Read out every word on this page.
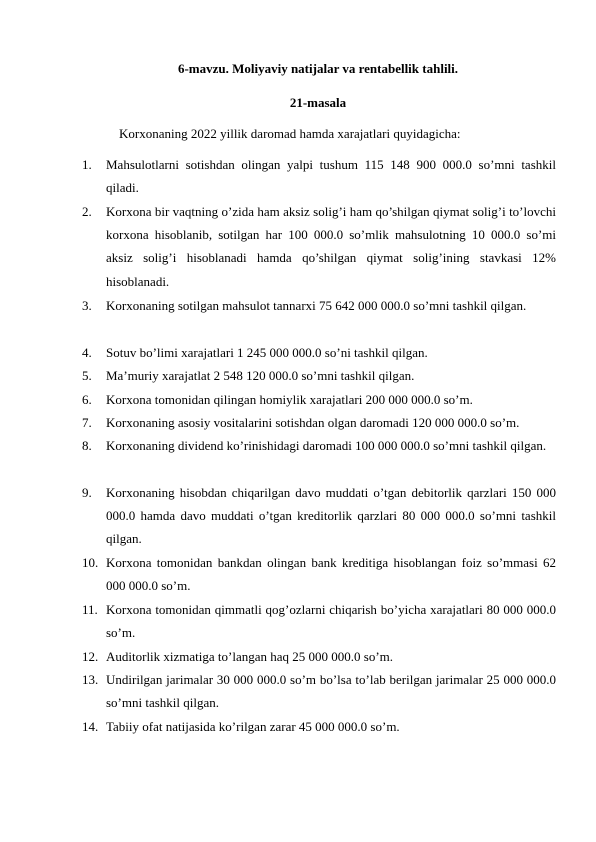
6-mavzu. Moliyaviy natijalar va rentabellik tahlili.
21-masala
Korxonaning 2022 yillik daromad hamda xarajatlari quyidagicha:
1. Mahsulotlarni sotishdan olingan yalpi tushum 115 148 900 000.0 so’mni tashkil qiladi.
2. Korxona bir vaqtning o’zida ham aksiz solig’i ham qo’shilgan qiymat solig’i to’lovchi korxona hisoblanib, sotilgan har 100 000.0 so’mlik mahsulotning 10 000.0 so’mi aksiz solig’i hisoblanadi hamda qo’shilgan qiymat solig’ining stavkasi 12% hisoblanadi.
3. Korxonaning sotilgan mahsulot tannarxi 75 642 000 000.0 so’mni tashkil qilgan.
4. Sotuv bo’limi xarajatlari 1 245 000 000.0 so’ni tashkil qilgan.
5. Ma’muriy xarajatlat 2 548 120 000.0 so’mni tashkil qilgan.
6. Korxona tomonidan qilingan homiylik xarajatlari 200 000 000.0 so’m.
7. Korxonaning asosiy vositalarini sotishdan olgan daromadi 120 000 000.0 so’m.
8. Korxonaning dividend ko’rinishidagi daromadi 100 000 000.0 so’mni tashkil qilgan.
9. Korxonaning hisobdan chiqarilgan davo muddati o’tgan debitorlik qarzlari 150 000 000.0 hamda davo muddati o’tgan kreditorlik qarzlari 80 000 000.0 so’mni tashkil qilgan.
10. Korxona tomonidan bankdan olingan bank kreditiga hisoblangan foiz so’mmasi 62 000 000.0 so’m.
11. Korxona tomonidan qimmatli qog’ozlarni chiqarish bo’yicha xarajatlari 80 000 000.0 so’m.
12. Auditorlik xizmatiga to’langan haq 25 000 000.0 so’m.
13. Undirilgan jarimalar 30 000 000.0 so’m bo’lsa to’lab berilgan jarimalar 25 000 000.0 so’mni tashkil qilgan.
14. Tabiiy ofat natijasida ko’rilgan zarar 45 000 000.0 so’m.
